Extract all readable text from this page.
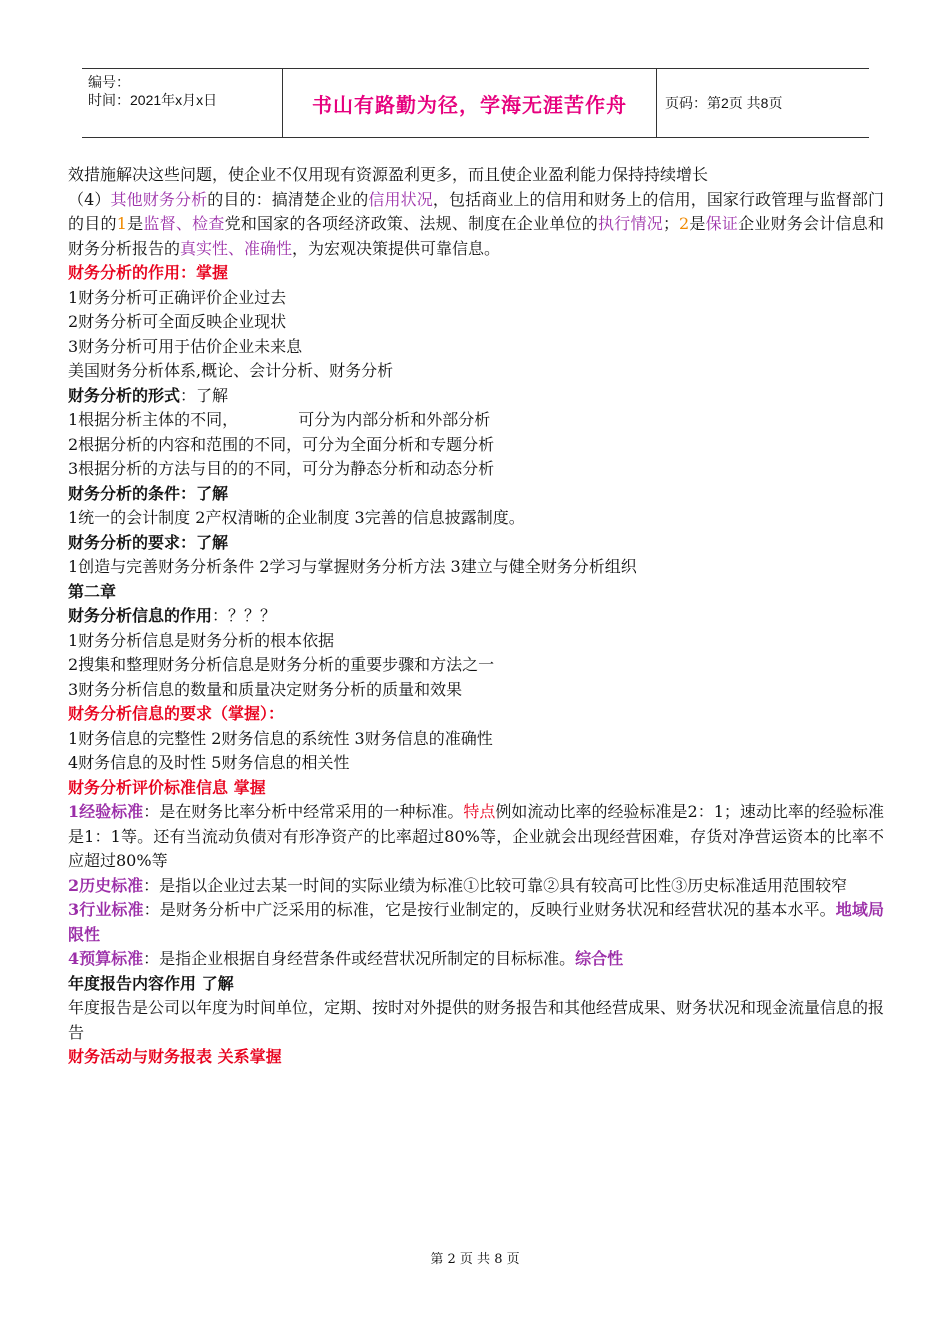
编号：
时间：2021年x月x日	书山有路勤为径，学海无涯苦作舟	页码：第2页 共8页

效措施解决这些问题，使企业不仅用现有资源盈利更多，而且使企业盈利能力保持持续增长

（4）其他财务分析的目的：搞清楚企业的信用状况，包括商业上的信用和财务上的信用，国家行政管理与监督部门的目的1是监督、检查党和国家的各项经济政策、法规、制度在企业单位的执行情况；2是保证企业财务会计信息和财务分析报告的真实性、准确性，为宏观决策提供可靠信息。

财务分析的作用：掌握

1财务分析可正确评价企业过去

2财务分析可全面反映企业现状

3财务分析可用于估价企业未来息

美国财务分析体系,概论、会计分析、财务分析

财务分析的形式：了解

1根据分析主体的不同，	可分为内部分析和外部分析

2根据分析的内容和范围的不同，可分为全面分析和专题分析

3根据分析的方法与目的的不同，可分为静态分析和动态分析

财务分析的条件：了解

1统一的会计制度 2产权清晰的企业制度 3完善的信息披露制度。

财务分析的要求：了解

1创造与完善财务分析条件 2学习与掌握财务分析方法 3建立与健全财务分析组织

第二章

财务分析信息的作用：？？？

1财务分析信息是财务分析的根本依据

2搜集和整理财务分析信息是财务分析的重要步骤和方法之一

3财务分析信息的数量和质量决定财务分析的质量和效果

财务分析信息的要求（掌握）：

1财务信息的完整性 2财务信息的系统性 3财务信息的准确性

4财务信息的及时性 5财务信息的相关性

财务分析评价标准信息 掌握

1经验标准：是在财务比率分析中经常采用的一种标准。特点例如流动比率的经验标准是2：1；速动比率的经验标准是1：1等。还有当流动负债对有形净资产的比率超过80%等，企业就会出现经营困难，存货对净营运资本的比率不应超过80%等

2历史标准：是指以企业过去某一时间的实际业绩为标准①比较可靠②具有较高可比性③历史标准适用范围较窄

3行业标准：是财务分析中广泛采用的标准，它是按行业制定的，反映行业财务状况和经营状况的基本水平。地域局限性

4预算标准：是指企业根据自身经营条件或经营状况所制定的目标标准。综合性

年度报告内容作用 了解

年度报告是公司以年度为时间单位，定期、按时对外提供的财务报告和其他经营成果、财务状况和现金流量信息的报告

财务活动与财务报表 关系掌握

第 2 页 共 8 页
